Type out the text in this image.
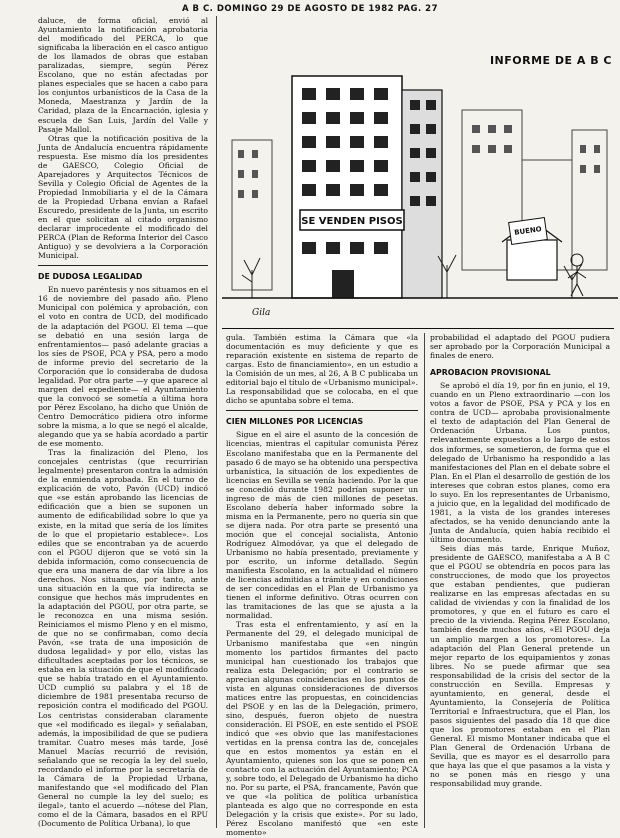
A B C. DOMINGO 29 DE AGOSTO DE 1982 PAG. 27

daluce, de forma oficial, envió al Ayuntamiento la notificación aprobatoria del modificado del PERCA, lo que significaba la liberación en el casco antiguo de los llamados de obras que estaban paralizadas, siempre, según Pérez Escolano, que no están afectadas por planes especiales que se hacen a cabo para los conjuntos urbanísticos de la Casa de la Moneda, Maestranza y Jardín de la Caridad, plaza de la Encarnación, iglesia y escuela de San Luis, Jardín del Valle y Pasaje Mallol.

Otras que la notificación positiva de la Junta de Andalucía encuentra rápidamente respuesta. Ese mismo día los presidentes de GAESCO, Colegio Oficial de Aparejadores y Arquitectos Técnicos de Sevilla y Colegio Oficial de Agentes de la Propiedad Inmobiliaria y el de la Cámara de la Propiedad Urbana envían a Rafael Escuredo, presidente de la Junta, un escrito en el que solicitan al citado organismo declarar improcedente el modificado del PERCA (Plan de Reforma Interior del Casco Antiguo) y se devolviera a la Corporación Municipal.

DE DUDOSA LEGALIDAD

En nuevo paréntesis y nos situamos en el 16 de noviembre del pasado año. Pleno Municipal con polémica y aprobación, con el voto en contra de UCD, del modificado de la adaptación del PGOU. El tema —que se debatió en una sesión larga de enfrentamientos— pasó adelante gracias a los síes de PSOE, PCA y PSA, pero a modo de informe previo del secretario de la Corporación que lo consideraba de dudosa legalidad. Por otra parte —y que aparece al margen del expediente— el Ayuntamiento que la convocó se sometía a última hora por Pérez Escolano, ha dicho que Unión de Centro Democrático pidiera otro informe sobre la misma, a lo que se negó el alcalde, alegando que ya se había acordado a partir de ese momento.

Tras la finalización del Pleno, los concejales centristas (que recurrirían legalmente) presentaron contra la admisión de la enmienda aprobada. En el turno de explicación de voto, Pavón (UCD) indicó que «se están aprobando las licencias de edificación que a bien se suponen un aumento de edificabilidad sobre lo que ya existe, en la mitad que sería de los límites de lo que el propietario establece». Los ediles que se encontraban ya de acuerdo con el PGOU dijeron que se votó sin la debida información, como consecuencia de que era una manera de dar vía libre a los derechos. Nos situamos, por tanto, ante una situación en la que vía indirecta se consigue que hechos más imprudentes en la adaptación del PGOU, por otra parte, se le reconozca en una misma sesión. Reiniciamos el mismo Pleno y en el mismo, de que no se confirmaban, como decía Pavón, «se trata de una imposición de dudosa legalidad» y por ello, vistas las dificultades aceptadas por los técnicos, se estaba en la situación de que el modificado que se había tratado en el Ayuntamiento. UCD cumplió su palabra y el 18 de diciembre de 1981 presentaba recurso de reposición contra el modificado del PGOU. Los centristas consideraban claramente que «el modificado es ilegal» y señalaban, además, la imposibilidad de que se pudiera tramitar. Cuatro meses más tarde, José Manuel Macías recurrió de revisión, señalando que se recogía la ley del suelo, recordando el informe por la secretaría de la Cámara de la Propiedad Urbana, manifestando que «el modificado del Plan General no cumple la ley del suelo; es ilegal», tanto el acuerdo —nótese del Plan, como el de la Cámara, basados en el RPU (Documento de Política Urbana), lo que

INFORME DE A B C
SE VENDEN PISOS
BUENO
Gila

gula. También estima la Cámara que «la documentación es muy deficiente y que es reparación existente en sistema de reparto de cargas. Esto de financiamiento», en un estudio a la Comisión de un mes, al 26, A B C publicaba un editorial bajo el título de «Urbanismo municipal». La responsabilidad que se colocaba, en el que dicho se apuntaba sobre el tema.

CIEN MILLONES POR LICENCIAS

Sigue en el aire el asunto de la concesión de licencias, mientras el capitular comunista Pérez Escolano manifestaba que en la Permanente del pasado 6 de mayo se ha obtenido una perspectiva urbanística, la situación de los expedientes de licencias en Sevilla se venía haciendo. Por la que se concedió durante 1982 podrían suponer un ingreso de más de cien millones de pesetas. Escolano debería haber informado sobre la misma en la Permanente, pero no quería sin que se dijera nada. Por otra parte se presentó una moción que el concejal socialista, Antonio Rodríguez Almodóvar, ya que el delegado de Urbanismo no había presentado, previamente y por escrito, un informe detallado. Según manifiesta Escolano, en la actualidad el número de licencias admitidas a trámite y en condiciones de ser concedidas en el Plan de Urbanismo ya tienen el informe definitivo. Otras ocurren con las tramitaciones de las que se ajusta a la normalidad.

Tras esta el enfrentamiento, y así en la Permanente del 29, el delegado municipal de Urbanismo manifestaba que «en ningún momento los partidos firmantes del pacto municipal han cuestionado los trabajos que realiza esta Delegación; por el contrario se aprecian algunas coincidencias en los puntos de vista en algunas consideraciones de diversos matices entre las propuestas, en coincidencias del PSOE y en las de la Delegación, primero, sino, después, fueron objeto de nuestra consideración. El PSOE, en este sentido el PSOE indicó que «es obvio que las manifestaciones vertidas en la prensa contra las de, concejales que en estos momentos ya están en el Ayuntamiento, quienes son los que se ponen en contacto con la actuación del Ayuntamiento; PCA y, sobre todo, el Delegado de Urbanismo ha dicho no. Por su parte, el PSA, francamente, Pavón que ve que «la política de política urbanística planteada es algo que no corresponde en esta Delegación y la crisis que existe». Por su lado, Pérez Escolano manifestó que «en este momento»

probabilidad el adaptado del PGOU pudiera ser aprobado por la Corporación Municipal a finales de enero.

APROBACION PROVISIONAL

Se aprobó el día 19, por fin en junio, el 19, cuando en un Pleno extraordinario —con los votos a favor de PSOE, PSA y PCA y los en contra de UCD— aprobaba provisionalmente el texto de adaptación del Plan General de Ordenación Urbana. Los puntos, relevantemente expuestos a lo largo de estos dos informes, se sometieron, de forma que el delegado de Urbanismo ha respondido a las manifestaciones del Plan en el debate sobre el Plan. En el Plan el desarrollo de gestión de los intereses que cobran estos planes, como era lo suyo. En los representantes de Urbanismo, a juicio que, en la legalidad del modificado de 1981, a la vista de los grandes intereses afectados, se ha venido denunciando ante la Junta de Andalucía, quien había recibido el último documento.

Seis días más tarde, Enrique Muñoz, presidente de GAESCO, manifestaba a A B C que el PGOU se obtendría en pocos para las construcciones, de modo que los proyectos que estaban pendientes, que pudieran realizarse en las empresas afectadas en su calidad de viviendas y con la finalidad de los promotores, y que en el futuro es caro el precio de la vivienda. Regina Pérez Escolano, también desde muchos años, «El PGOU deja un amplio margen a los promotores». La adaptación del Plan General pretende un mejor reparto de los equipamientos y zonas libres. No se puede afirmar que sea responsabilidad de la crisis del sector de la construcción en Sevilla. Empresas y ayuntamiento, en general, desde el Ayuntamiento, la Consejería de Política Territorial e Infraestructura, que el Plan, los pasos siguientes del pasado día 18 que dice que los promotores estaban en el Plan General. El mismo Montaner indicaba que el Plan General de Ordenación Urbana de Sevilla, que es mayor es el desarrollo para que haya las que el que pasamos a la vista y no se ponen más en riesgo y una responsabilidad muy grande.
